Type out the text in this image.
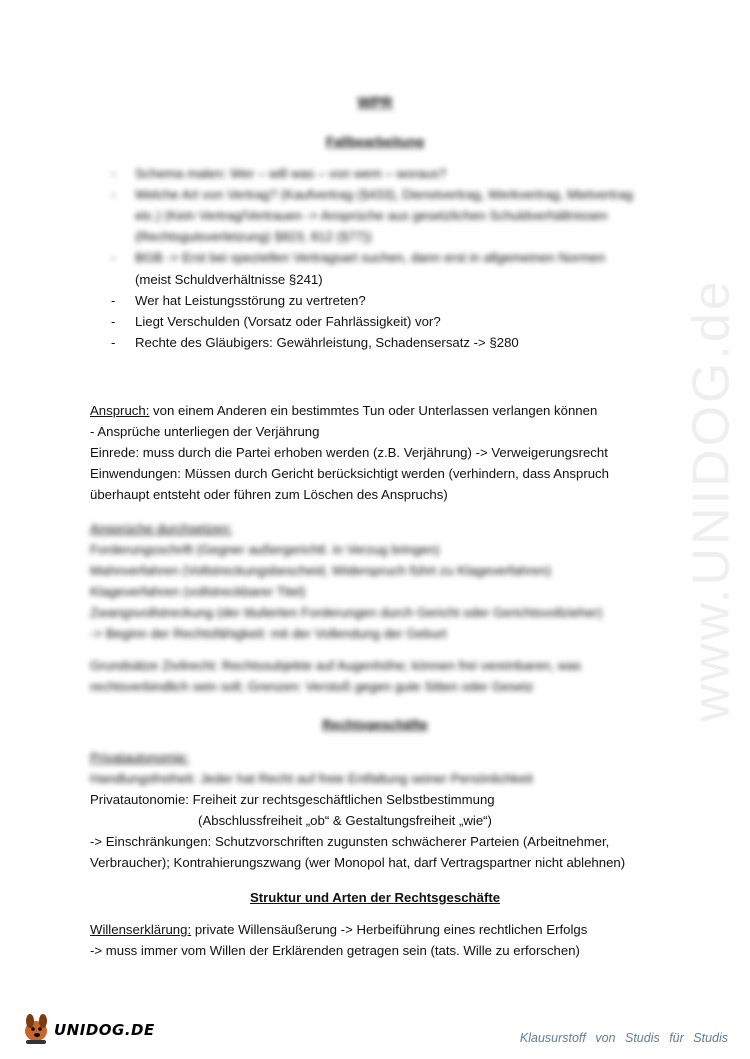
www.UNIDOG.de
WPR
Fallbearbeitung
- Schema malen: Wer – will was – von wem – woraus?
- Welche Art von Vertrag? (Kaufvertrag (§433), Dienstvertrag, Werkvertrag, Mietvertrag etc.) (Kein Vertrag/Vertrauen -> Ansprüche aus gesetzlichen Schuldverhältnissen (Rechtsgutsverletzung) §823, 812 (§77))
- BGB -> Erst bei speziellen Vertragsart suchen, dann erst in allgemeinen Normen
(meist Schuldverhältnisse §241)
- Wer hat Leistungsstörung zu vertreten?
- Liegt Verschulden (Vorsatz oder Fahrlässigkeit) vor?
- Rechte des Gläubigers: Gewährleistung, Schadensersatz -> §280
Anspruch: von einem Anderen ein bestimmtes Tun oder Unterlassen verlangen können
- Ansprüche unterliegen der Verjährung
Einrede: muss durch die Partei erhoben werden (z.B. Verjährung) -> Verweigerungsrecht
Einwendungen: Müssen durch Gericht berücksichtigt werden (verhindern, dass Anspruch überhaupt entsteht oder führen zum Löschen des Anspruchs)
Ansprüche durchsetzen:
Forderungsschrift (Gegner außergerichtl. in Verzug bringen)
Mahnverfahren (Vollstreckungsbescheid, Widerspruch führt zu Klageverfahren)
Klageverfahren (vollstreckbarer Titel)
Zwangsvollstreckung (der titulierten Forderungen durch Gericht oder Gerichtsvollzieher)
-> Beginn der Rechtsfähigkeit: mit der Vollendung der Geburt
Grundsätze Zivilrecht: Rechtssubjekte auf Augenhöhe; können frei vereinbaren, was rechtsverbindlich sein soll; Grenzen: Verstoß gegen gute Sitten oder Gesetz
Rechtsgeschäfte
Privatautonomie:
Handlungsfreiheit: Jeder hat Recht auf freie Entfaltung seiner Persönlichkeit
Privatautonomie: Freiheit zur rechtsgeschäftlichen Selbstbestimmung
(Abschlussfreiheit „ob“ & Gestaltungsfreiheit „wie“)
-> Einschränkungen: Schutzvorschriften zugunsten schwächerer Parteien (Arbeitnehmer, Verbraucher); Kontrahierungszwang (wer Monopol hat, darf Vertragspartner nicht ablehnen)
Struktur und Arten der Rechtsgeschäfte
Willenserklärung: private Willensäußerung -> Herbeiführung eines rechtlichen Erfolgs
-> muss immer vom Willen der Erklärenden getragen sein (tats. Wille zu erforschen)
UNIDOG.DE	Klausurstoff von Studis für Studis
